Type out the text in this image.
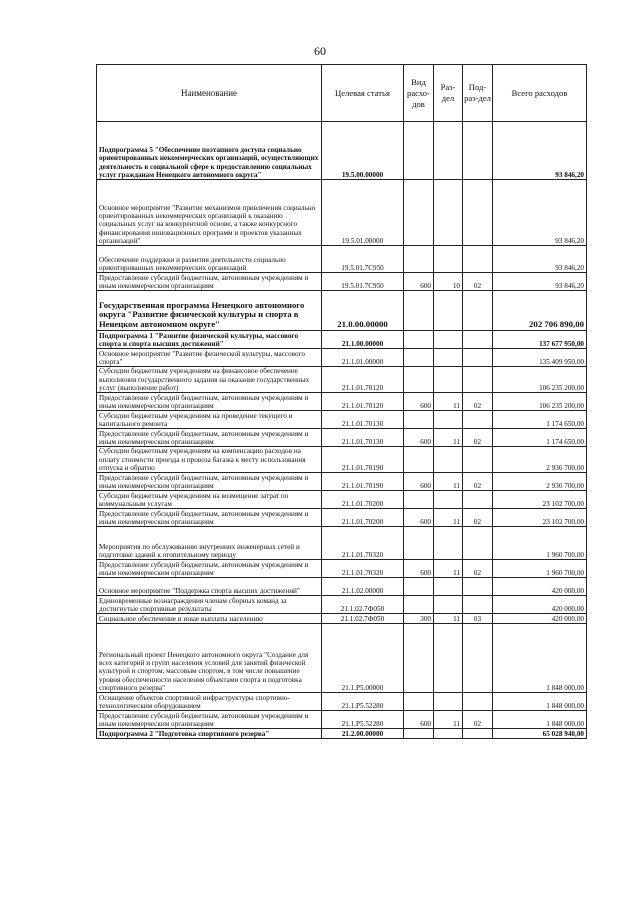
60
Наименование	Целевая статья	Вид расхо-дов	Раз-дел	Под-раз-дел	Всего расходов
Подпрограмма 5 "Обеспечение поэтапного доступа социально ориентированных некоммерческих организаций, осуществляющих деятельность в социальной сфере к предоставлению социальных услуг гражданам Ненецкого автономного округа"	19.5.00.00000				93 846,20
Основное мероприятие "Развитие механизмов привлечения социально ориентированных некоммерческих организаций к оказанию социальных услуг на конкурентной основе, а также конкурсного финансирования инновационных программ и проектов указанных организаций"	19.5.01.00000				93 846,20
Обеспечение поддержки и развития деятельности социально ориентированных некоммерческих организаций	19.5.01.7С950				93 846,20
Предоставление субсидий бюджетным, автономным учреждениям и иным некоммерческим организациям	19.5.01.7С950	600	10	02	93 846,20
Государственная программа Ненецкого автономного округа "Развитие физической культуры и спорта в Ненецком автономном округе"	21.0.00.00000				202 706 890,00
Подпрограмма 1 "Развитие физической культуры, массового спорта и спорта высших достижений"	21.1.00.00000				137 677 950,00
Основное мероприятие "Развитие физической культуры, массового спорта"	21.1.01.00000				135 409 950,00
Субсидии бюджетным учреждениям на финансовое обеспечение выполнения государственного задания на оказание государственных услуг (выполнение работ)	21.1.01.70120				106 235 200,00
Предоставление субсидий бюджетным, автономным учреждениям и иным некоммерческим организациям	21.1.01.70120	600	11	02	106 235 200,00
Субсидии бюджетным учреждениям на проведение текущего и капитального ремонта	21.1.01.70130				1 174 650,00
Предоставление субсидий бюджетным, автономным учреждениям и иным некоммерческим организациям	21.1.01.70130	600	11	02	1 174 650,00
Субсидии бюджетным учреждениям на компенсацию расходов на оплату стоимости проезда и провоза багажа к месту использования отпуска и обратно	21.1.01.70190				2 936 700,00
Предоставление субсидий бюджетным, автономным учреждениям и иным некоммерческим организациям	21.1.01.70190	600	11	02	2 936 700,00
Субсидии бюджетным учреждениям на возмещение затрат по коммунальным услугам	21.1.01.70200				23 102 700,00
Предоставление субсидий бюджетным, автономным учреждениям и иным некоммерческим организациям	21.1.01.70200	600	11	02	23 102 700,00
Мероприятия по обслуживанию внутренних инженерных сетей и подготовке зданий к отопительному периоду	21.1.01.70320				1 960 700,00
Предоставление субсидий бюджетным, автономным учреждениям и иным некоммерческим организациям	21.1.01.70320	600	11	02	1 960 700,00
Основное мероприятие "Поддержка спорта высших достижений"	21.1.02.00000				420 000,00
Единовременные вознаграждения членам сборных команд за достигнутые спортивные результаты	21.1.02.7Ф050				420 000,00
Социальное обеспечение и иные выплаты населению	21.1.02.7Ф050	300	11	03	420 000,00
Региональный проект Ненецкого автономного округа "Создание для всех категорий и групп населения условий для занятий физической культурой и спортом, массовым спортом, в том числе повышение уровня обеспеченности населения объектами спорта и подготовка спортивного резерва"	21.1.Р5.00000				1 848 000,00
Оснащение объектов спортивной инфраструктуры спортивно-технологическим оборудованием	21.1.Р5.52280				1 848 000,00
Предоставление субсидий бюджетным, автономным учреждениям и иным некоммерческим организациям	21.1.Р5.52280	600	11	02	1 848 000,00
Подпрограмма 2 "Подготовка спортивного резерва"	21.2.00.00000				65 028 940,00
